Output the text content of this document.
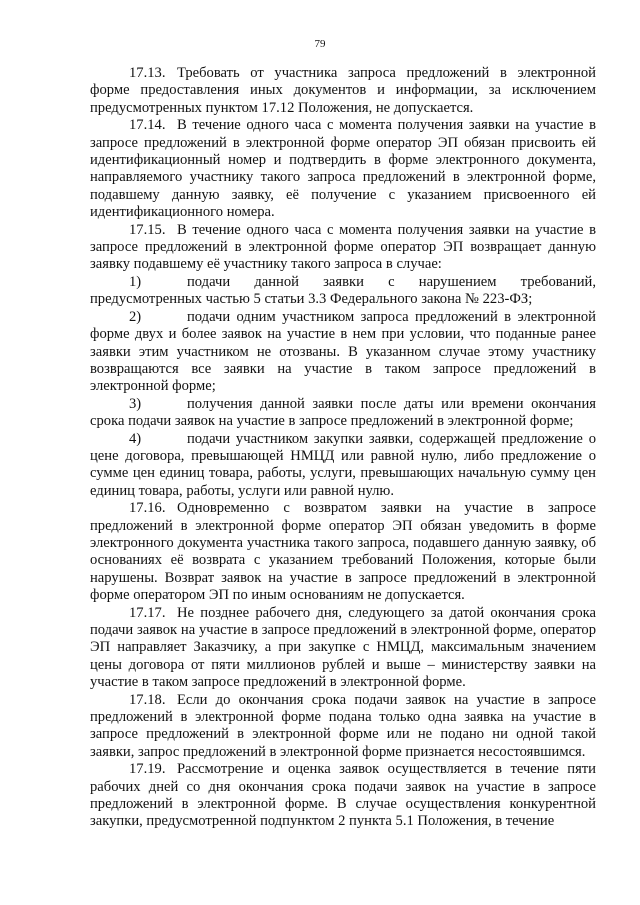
79

17.13. Требовать от участника запроса предложений в электронной форме предоставления иных документов и информации, за исключением предусмотренных пунктом 17.12 Положения, не допускается.

17.14. В течение одного часа с момента получения заявки на участие в запросе предложений в электронной форме оператор ЭП обязан присвоить ей идентификационный номер и подтвердить в форме электронного документа, направляемого участнику такого запроса предложений в электронной форме, подавшему данную заявку, её получение с указанием присвоенного ей идентификационного номера.

17.15. В течение одного часа с момента получения заявки на участие в запросе предложений в электронной форме оператор ЭП возвращает данную заявку подавшему её участнику такого запроса в случае:

1)	подачи данной заявки с нарушением требований, предусмотренных частью 5 статьи 3.3 Федерального закона № 223-ФЗ;

2)	подачи одним участником запроса предложений в электронной форме двух и более заявок на участие в нем при условии, что поданные ранее заявки этим участником не отозваны. В указанном случае этому участнику возвращаются все заявки на участие в таком запросе предложений в электронной форме;

3)	получения данной заявки после даты или времени окончания срока подачи заявок на участие в запросе предложений в электронной форме;

4)	подачи участником закупки заявки, содержащей предложение о цене договора, превышающей НМЦД или равной нулю, либо предложение о сумме цен единиц товара, работы, услуги, превышающих начальную сумму цен единиц товара, работы, услуги или равной нулю.

17.16. Одновременно с возвратом заявки на участие в запросе предложений в электронной форме оператор ЭП обязан уведомить в форме электронного документа участника такого запроса, подавшего данную заявку, об основаниях её возврата с указанием требований Положения, которые были нарушены. Возврат заявок на участие в запросе предложений в электронной форме оператором ЭП по иным основаниям не допускается.

17.17. Не позднее рабочего дня, следующего за датой окончания срока подачи заявок на участие в запросе предложений в электронной форме, оператор ЭП направляет Заказчику, а при закупке с НМЦД, максимальным значением цены договора от пяти миллионов рублей и выше – министерству заявки на участие в таком запросе предложений в электронной форме.

17.18. Если до окончания срока подачи заявок на участие в запросе предложений в электронной форме подана только одна заявка на участие в запросе предложений в электронной форме или не подано ни одной такой заявки, запрос предложений в электронной форме признается несостоявшимся.

17.19. Рассмотрение и оценка заявок осуществляется в течение пяти рабочих дней со дня окончания срока подачи заявок на участие в запросе предложений в электронной форме. В случае осуществления конкурентной закупки, предусмотренной подпунктом 2 пункта 5.1 Положения, в течение
